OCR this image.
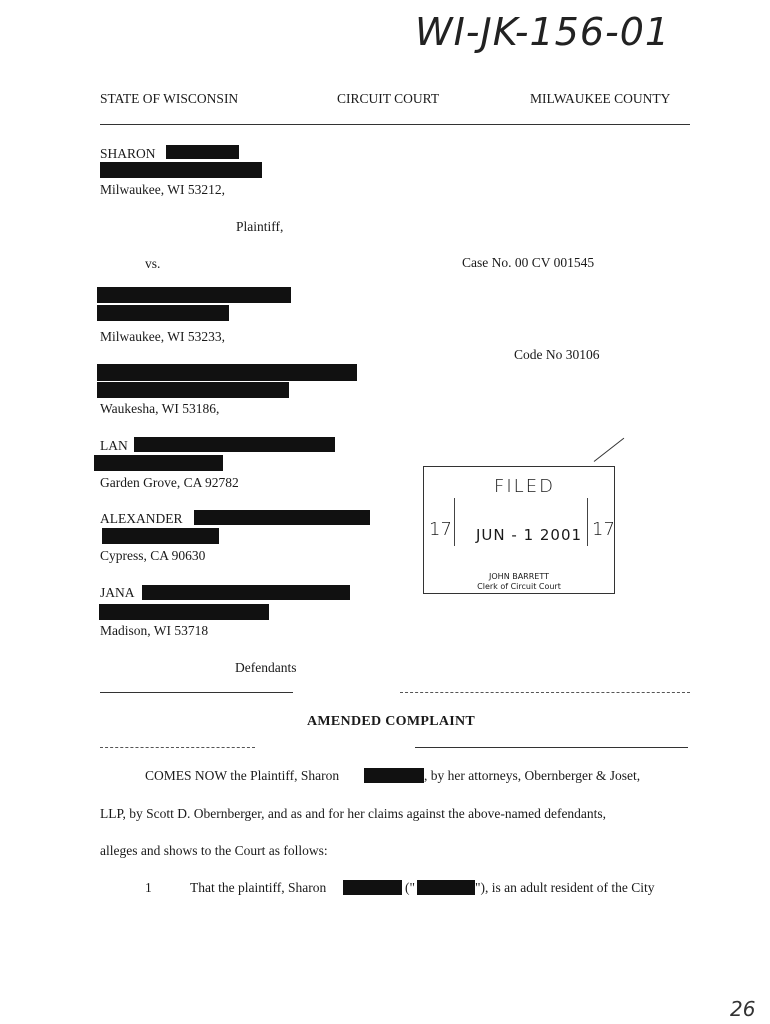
WI-JK-156-01
STATE OF WISCONSIN	CIRCUIT COURT	MILWAUKEE COUNTY
SHARON
Milwaukee, WI 53212,
Plaintiff,
vs.	Case No. 00 CV 001545
Milwaukee, WI 53233,
Code No 30106
Waukesha, WI 53186,
LAN
Garden Grove, CA 92782
ALEXANDER
Cypress, CA 90630
JANA
Madison, WI 53718
Defendants
FILED
17	17
JUN - 1 2001
JOHN BARRETT
Clerk of Circuit Court
AMENDED COMPLAINT
COMES NOW the Plaintiff, Sharon	, by her attorneys, Obernberger & Joset,
LLP, by Scott D. Obernberger, and as and for her claims against the above-named defendants,
alleges and shows to the Court as follows:
1	That the plaintiff, Sharon	("	"), is an adult resident of the City
26
